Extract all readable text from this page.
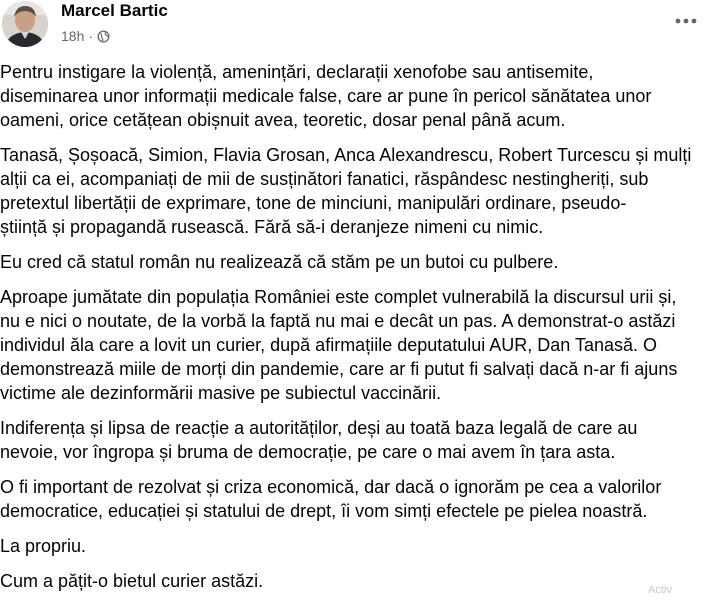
Marcel Bartic
18h ·

Pentru instigare la violență, amenințări, declarații xenofobe sau antisemite,
diseminarea unor informații medicale false, care ar pune în pericol sănătatea unor
oameni, orice cetățean obișnuit avea, teoretic, dosar penal până acum.

Tanasă, Șoșoacă, Simion, Flavia Grosan, Anca Alexandrescu, Robert Turcescu și mulți
alții ca ei, acompaniați de mii de susținători fanatici, răspândesc nestingheriți, sub
pretextul libertății de exprimare, tone de minciuni, manipulări ordinare, pseudo-
știință și propagandă rusească. Fără să-i deranjeze nimeni cu nimic.

Eu cred că statul român nu realizează că stăm pe un butoi cu pulbere.

Aproape jumătate din populația României este complet vulnerabilă la discursul urii și,
nu e nici o noutate, de la vorbă la faptă nu mai e decât un pas. A demonstrat-o astăzi
individul ăla care a lovit un curier, după afirmațiile deputatului AUR, Dan Tanasă. O
demonstrează miile de morți din pandemie, care ar fi putut fi salvați dacă n-ar fi ajuns
victime ale dezinformării masive pe subiectul vaccinării.

Indiferența și lipsa de reacție a autorităților, deși au toată baza legală de care au
nevoie, vor îngropa și bruma de democrație, pe care o mai avem în țara asta.

O fi important de rezolvat și criza economică, dar dacă o ignorăm pe cea a valorilor
democratice, educației și statului de drept, îi vom simți efectele pe pielea noastră.

La propriu.

Cum a pățit-o bietul curier astăzi.	Activ
